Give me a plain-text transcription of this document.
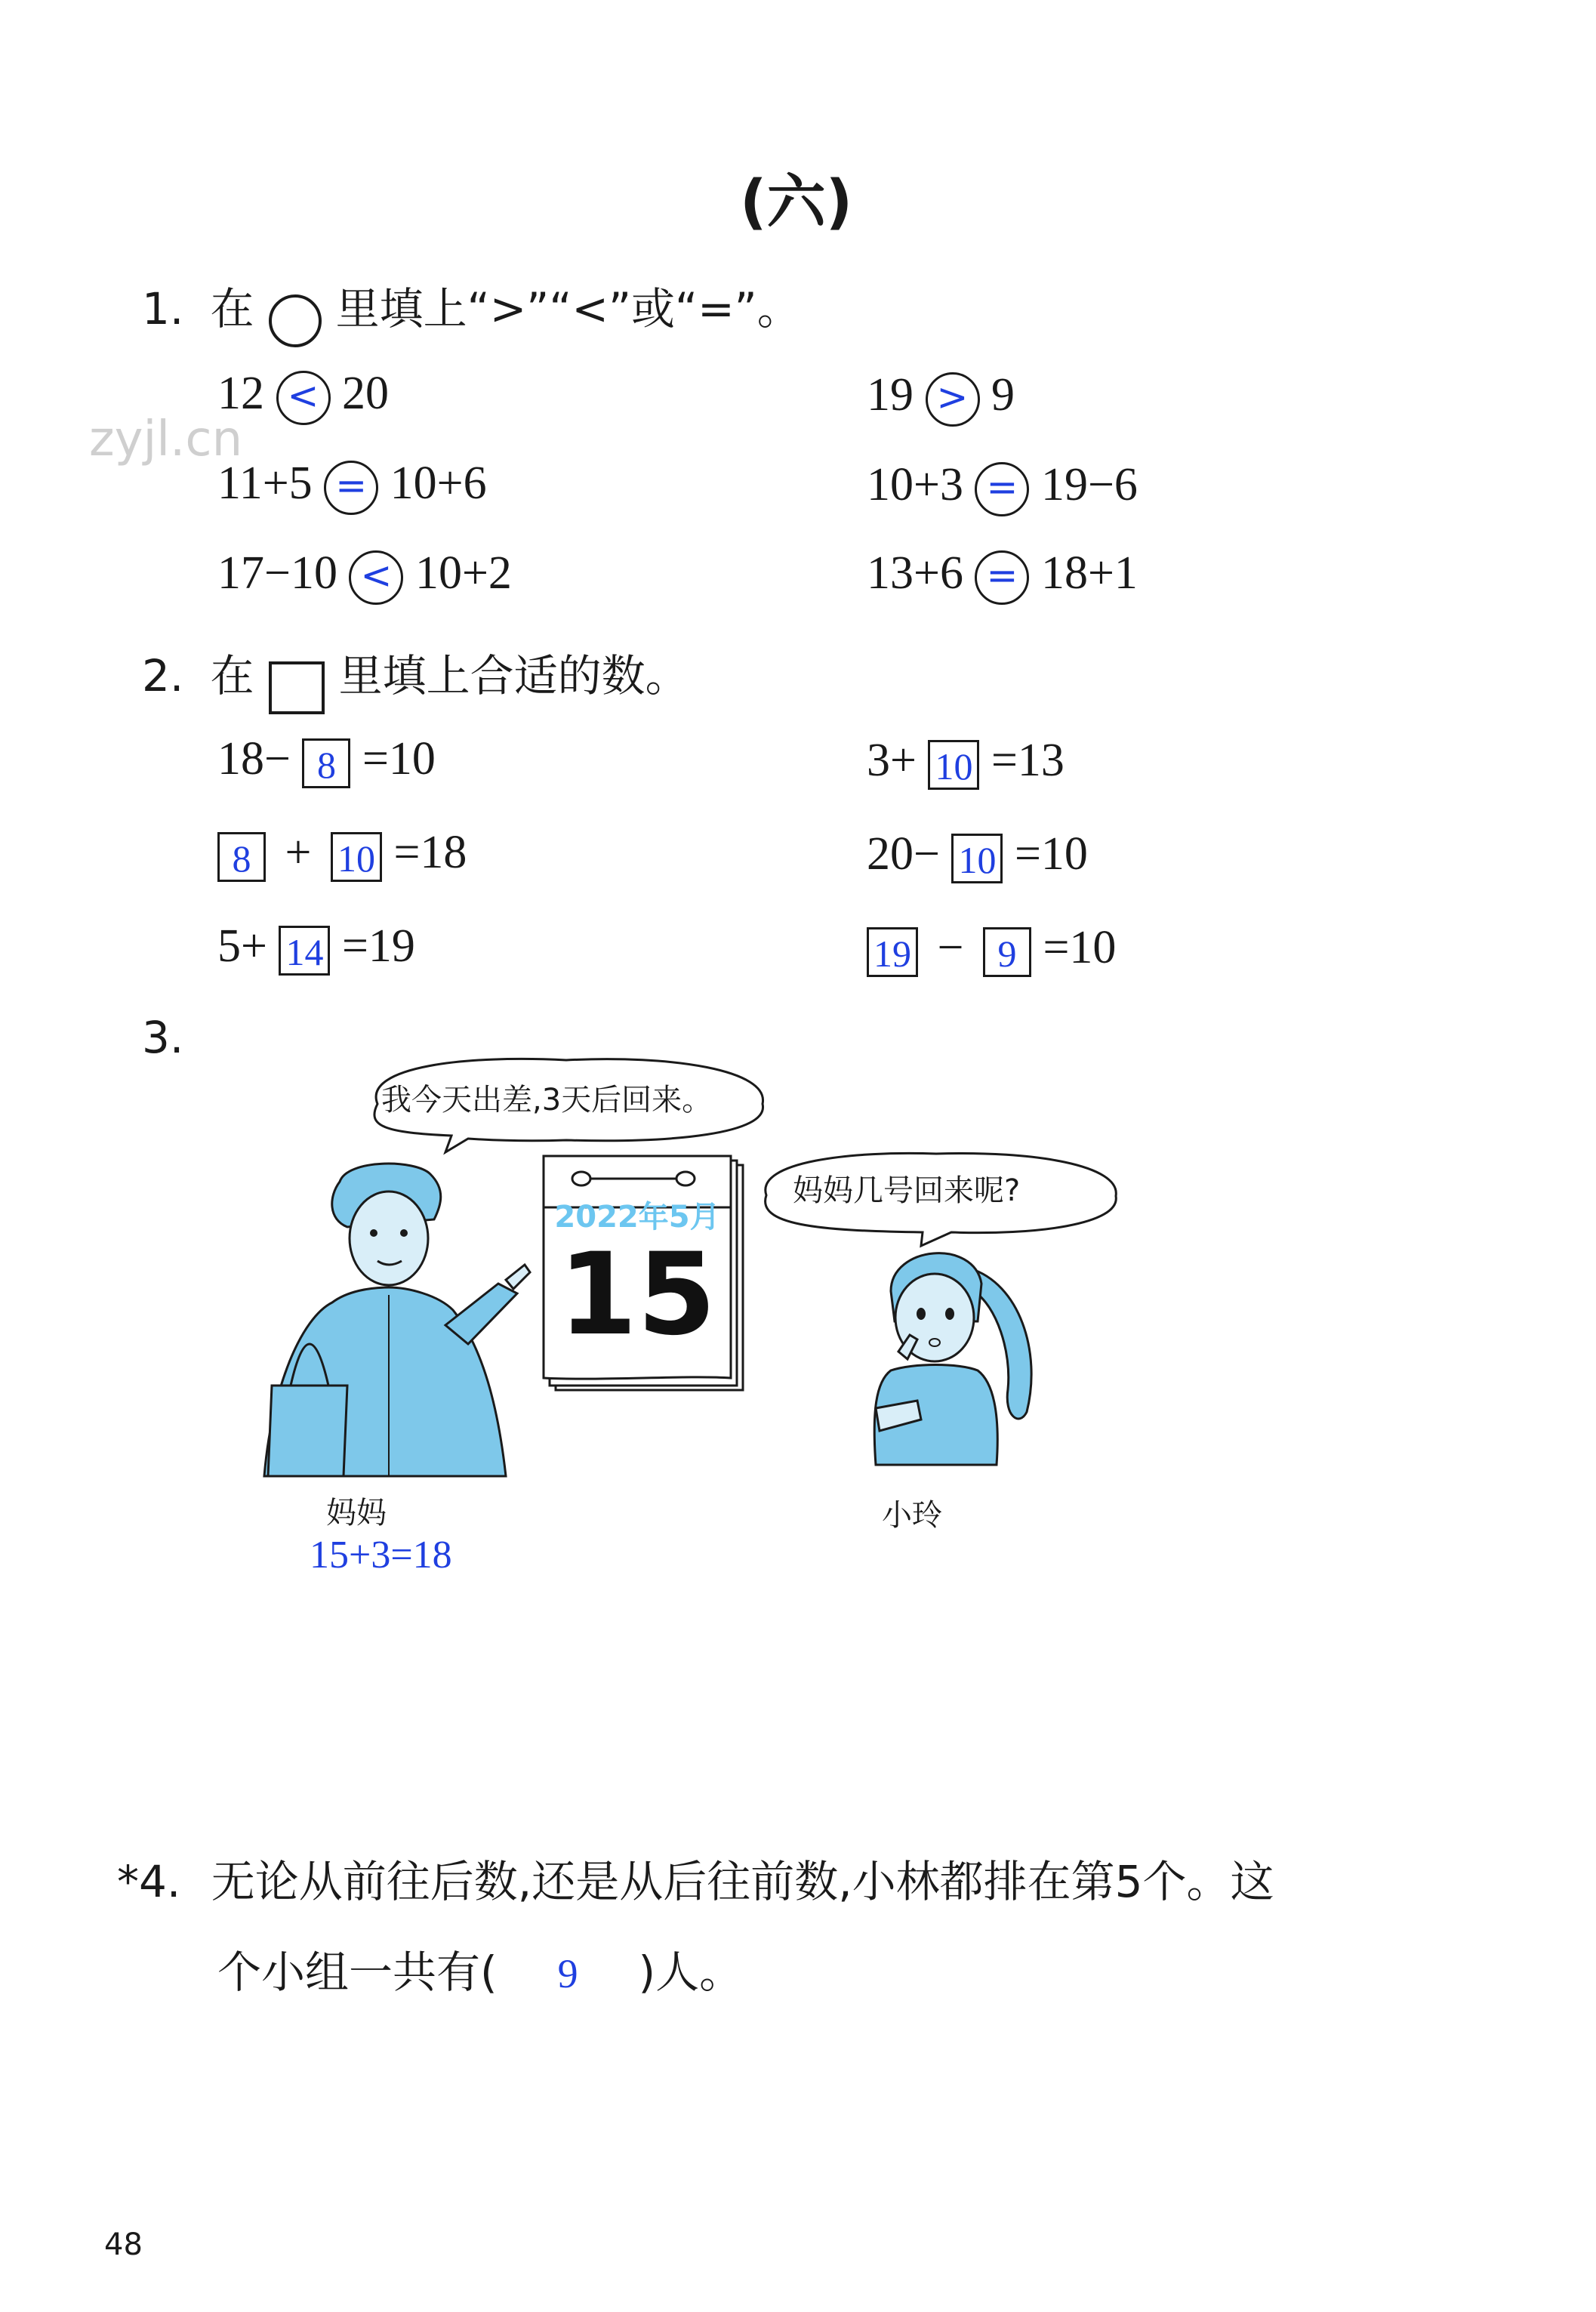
(六)
zyjl.cn
1. 在 里填上“>”“<”或“=”。
12 < 20	19 > 9
11+5 = 10+6	10+3 = 19−6
17−10 < 10+2	13+6 = 18+1
2. 在 里填上合适的数。
18− 8 =10	3+ 10 =13
8 + 10 =18	20− 10 =10
5+ 14 =19	19 − 9 =10
3.
我今天出差,3天后回来。
妈妈几号回来呢?
2022年5月
15
妈妈	小玲
15+3=18
*4. 无论从前往后数,还是从后往前数,小林都排在第5个。这
个小组一共有( 9 )人。
48
